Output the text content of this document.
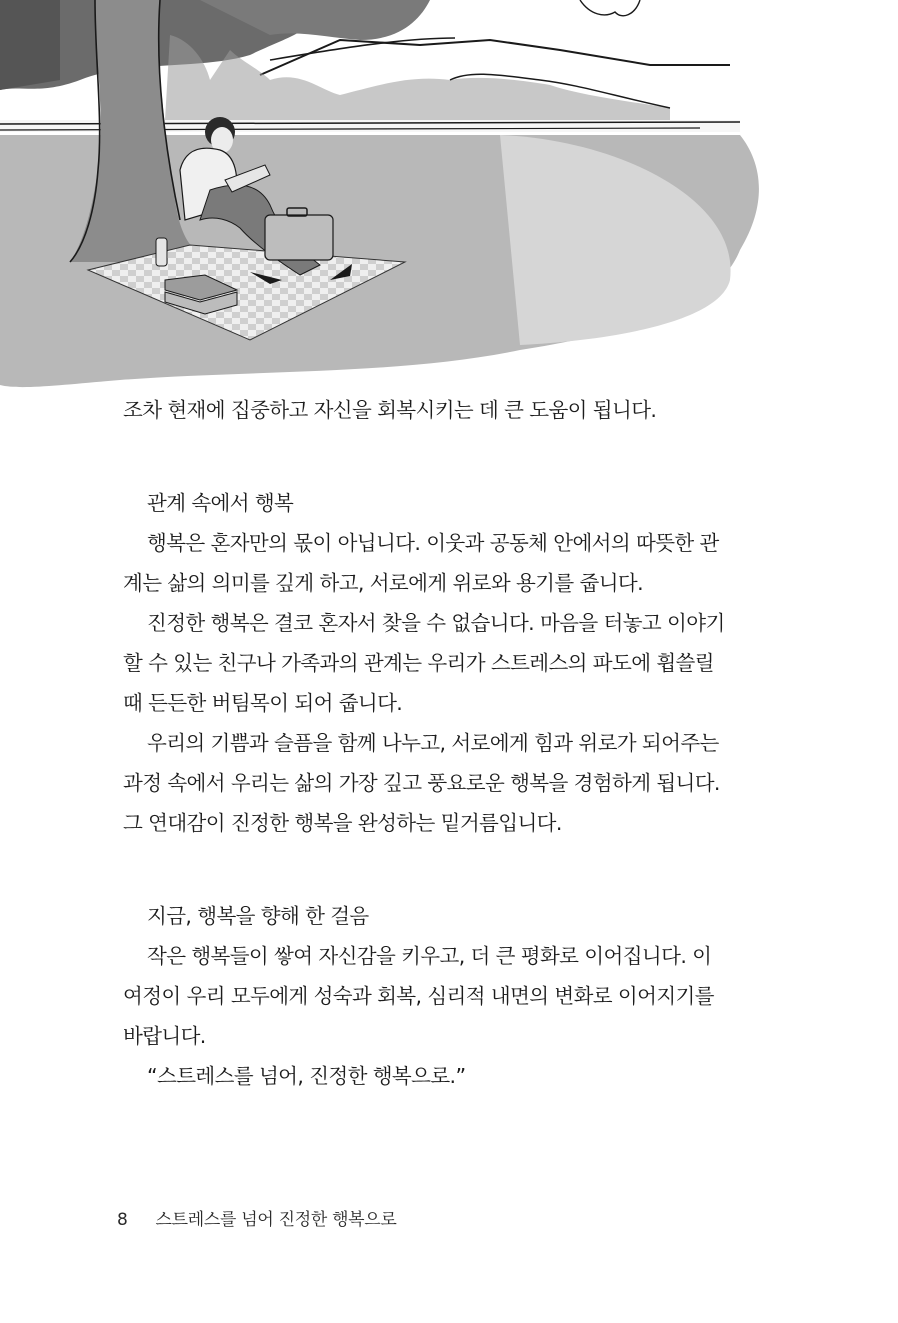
조차 현재에 집중하고 자신을 회복시키는 데 큰 도움이 됩니다.
관계 속에서 행복
행복은 혼자만의 몫이 아닙니다. 이웃과 공동체 안에서의 따뜻한 관
계는 삶의 의미를 깊게 하고, 서로에게 위로와 용기를 줍니다.
진정한 행복은 결코 혼자서 찾을 수 없습니다. 마음을 터놓고 이야기
할 수 있는 친구나 가족과의 관계는 우리가 스트레스의 파도에 휩쓸릴
때 든든한 버팀목이 되어 줍니다.
우리의 기쁨과 슬픔을 함께 나누고, 서로에게 힘과 위로가 되어주는
과정 속에서 우리는 삶의 가장 깊고 풍요로운 행복을 경험하게 됩니다.
그 연대감이 진정한 행복을 완성하는 밑거름입니다.
지금, 행복을 향해 한 걸음
작은 행복들이 쌓여 자신감을 키우고, 더 큰 평화로 이어집니다. 이
여정이 우리 모두에게 성숙과 회복, 심리적 내면의 변화로 이어지기를
바랍니다.
“스트레스를 넘어, 진정한 행복으로.”
8 스트레스를 넘어 진정한 행복으로
